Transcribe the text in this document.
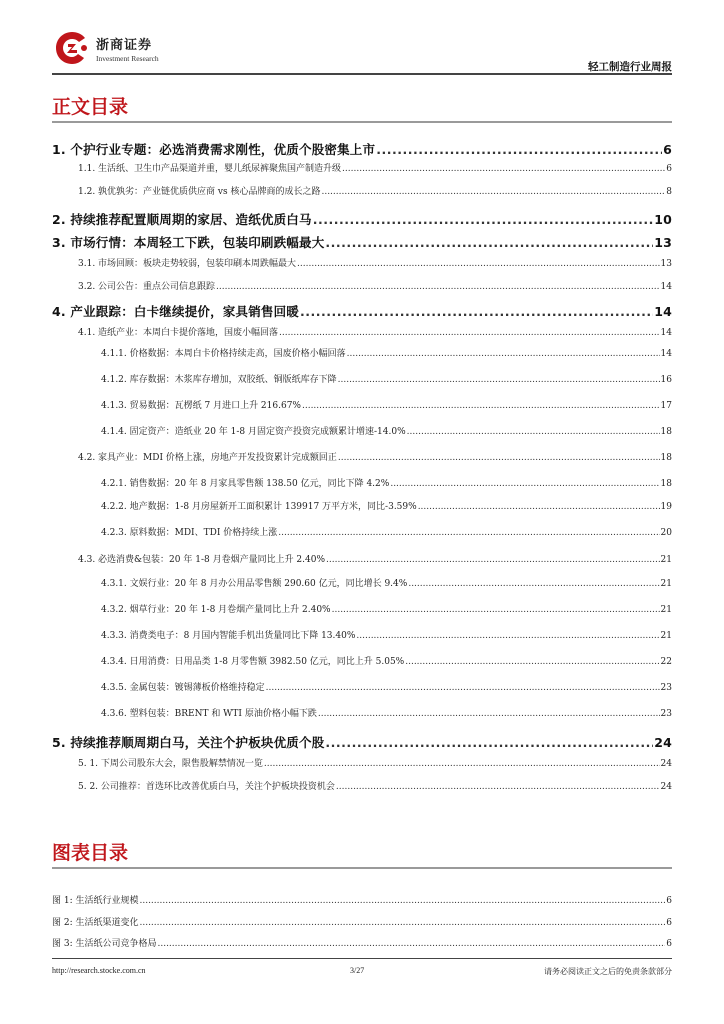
浙商证券
Investment Research
轻工制造行业周报
正文目录
1. 个护行业专题：必选消费需求刚性，优质个股密集上市 .....	6
1.1. 生活纸、卫生巾产品渠道并重，婴儿纸尿裤聚焦国产制造升级 .....	6
1.2. 孰优孰劣：产业链优质供应商 vs 核心品牌商的成长之路 .....	8
2. 持续推荐配置顺周期的家居、造纸优质白马 .....	10
3. 市场行情：本周轻工下跌，包装印刷跌幅最大 .....	13
3.1. 市场回顾：板块走势较弱，包装印刷本周跌幅最大 .....	13
3.2. 公司公告：重点公司信息跟踪 .....	14
4. 产业跟踪：白卡继续提价，家具销售回暖 .....	14
4.1. 造纸产业：本周白卡提价落地，国废小幅回落 .....	14
4.1.1. 价格数据：本周白卡价格持续走高，国废价格小幅回落 .....	14
4.1.2. 库存数据：木浆库存增加，双胶纸、铜版纸库存下降 .....	16
4.1.3. 贸易数据：瓦楞纸 7 月进口上升 216.67% .....	17
4.1.4. 固定资产：造纸业 20 年 1-8 月固定资产投资完成额累计增速-14.0% .....	18
4.2. 家具产业：MDI 价格上涨，房地产开发投资累计完成额回正 .....	18
4.2.1. 销售数据：20 年 8 月家具零售额 138.50 亿元，同比下降 4.2% .....	18
4.2.2. 地产数据：1-8 月房屋新开工面积累计 139917 万平方米，同比-3.59% .....	19
4.2.3. 原料数据：MDI、TDI 价格持续上涨 .....	20
4.3. 必选消费&包装：20 年 1-8 月卷烟产量同比上升 2.40% .....	21
4.3.1. 文娱行业：20 年 8 月办公用品零售额 290.60 亿元，同比增长 9.4% .....	21
4.3.2. 烟草行业：20 年 1-8 月卷烟产量同比上升 2.40% .....	21
4.3.3. 消费类电子：8 月国内智能手机出货量同比下降 13.40% .....	21
4.3.4. 日用消费：日用品类 1-8 月零售额 3982.50 亿元，同比上升 5.05% .....	22
4.3.5. 金属包装：镀锡薄板价格维持稳定 .....	23
4.3.6. 塑料包装：BRENT 和 WTI 原油价格小幅下跌 .....	23
5. 持续推荐顺周期白马，关注个护板块优质个股 .....	24
5. 1. 下周公司股东大会，限售股解禁情况一览 .....	24
5. 2. 公司推荐：首选环比改善优质白马，关注个护板块投资机会 .....	24
图表目录
图 1: 生活纸行业规模 .....	6
图 2: 生活纸渠道变化 .....	6
图 3: 生活纸公司竞争格局 .....	6
http://research.stocke.com.cn	3/27	请务必阅读正文之后的免责条款部分
